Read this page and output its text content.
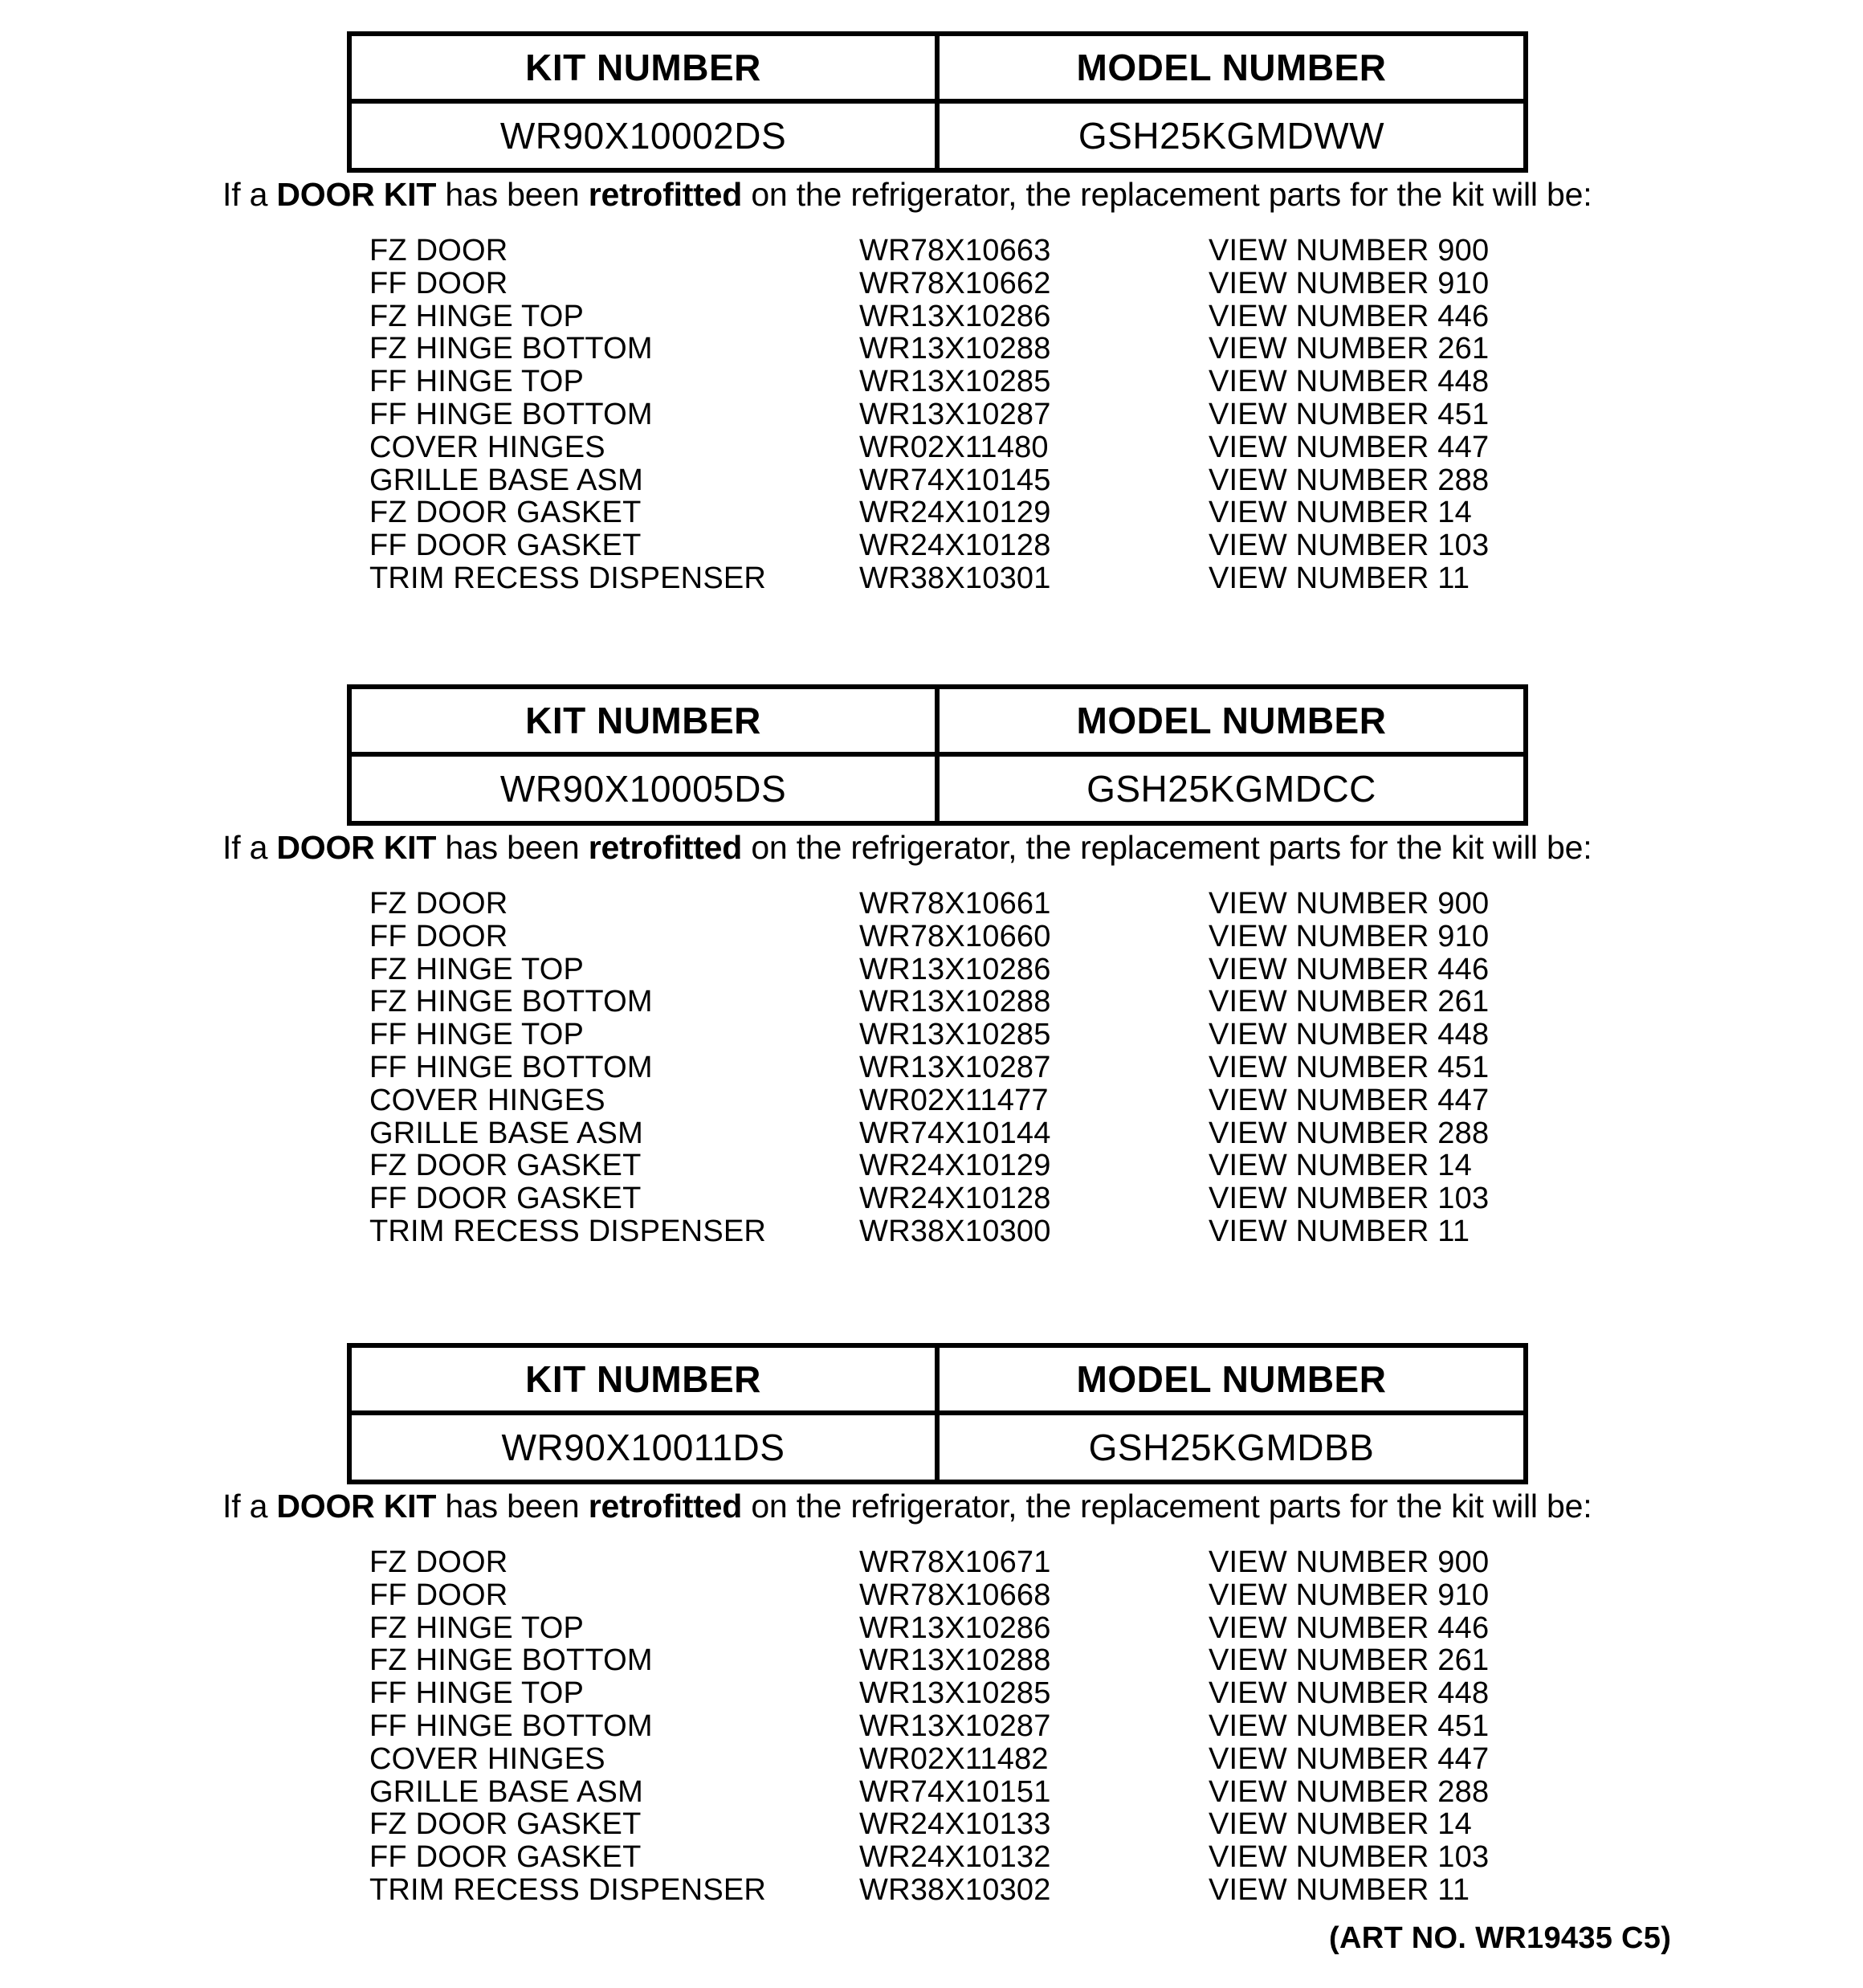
KIT NUMBER	MODEL NUMBER
WR90X10002DS	GSH25KGMDWW
If a DOOR KIT has been retrofitted on the refrigerator, the replacement parts for the kit will be:
FZ DOOR	WR78X10663	VIEW NUMBER 900
FF DOOR	WR78X10662	VIEW NUMBER 910
FZ HINGE TOP	WR13X10286	VIEW NUMBER 446
FZ HINGE BOTTOM	WR13X10288	VIEW NUMBER 261
FF HINGE TOP	WR13X10285	VIEW NUMBER 448
FF HINGE BOTTOM	WR13X10287	VIEW NUMBER 451
COVER HINGES	WR02X11480	VIEW NUMBER 447
GRILLE BASE ASM	WR74X10145	VIEW NUMBER 288
FZ DOOR GASKET	WR24X10129	VIEW NUMBER 14
FF DOOR GASKET	WR24X10128	VIEW NUMBER 103
TRIM RECESS DISPENSER	WR38X10301	VIEW NUMBER 11
KIT NUMBER	MODEL NUMBER
WR90X10005DS	GSH25KGMDCC
If a DOOR KIT has been retrofitted on the refrigerator, the replacement parts for the kit will be:
FZ DOOR	WR78X10661	VIEW NUMBER 900
FF DOOR	WR78X10660	VIEW NUMBER 910
FZ HINGE TOP	WR13X10286	VIEW NUMBER 446
FZ HINGE BOTTOM	WR13X10288	VIEW NUMBER 261
FF HINGE TOP	WR13X10285	VIEW NUMBER 448
FF HINGE BOTTOM	WR13X10287	VIEW NUMBER 451
COVER HINGES	WR02X11477	VIEW NUMBER 447
GRILLE BASE ASM	WR74X10144	VIEW NUMBER 288
FZ DOOR GASKET	WR24X10129	VIEW NUMBER 14
FF DOOR GASKET	WR24X10128	VIEW NUMBER 103
TRIM RECESS DISPENSER	WR38X10300	VIEW NUMBER 11
KIT NUMBER	MODEL NUMBER
WR90X10011DS	GSH25KGMDBB
If a DOOR KIT has been retrofitted on the refrigerator, the replacement parts for the kit will be:
FZ DOOR	WR78X10671	VIEW NUMBER 900
FF DOOR	WR78X10668	VIEW NUMBER 910
FZ HINGE TOP	WR13X10286	VIEW NUMBER 446
FZ HINGE BOTTOM	WR13X10288	VIEW NUMBER 261
FF HINGE TOP	WR13X10285	VIEW NUMBER 448
FF HINGE BOTTOM	WR13X10287	VIEW NUMBER 451
COVER HINGES	WR02X11482	VIEW NUMBER 447
GRILLE BASE ASM	WR74X10151	VIEW NUMBER 288
FZ DOOR GASKET	WR24X10133	VIEW NUMBER 14
FF DOOR GASKET	WR24X10132	VIEW NUMBER 103
TRIM RECESS DISPENSER	WR38X10302	VIEW NUMBER 11
(ART NO. WR19435 C5)
